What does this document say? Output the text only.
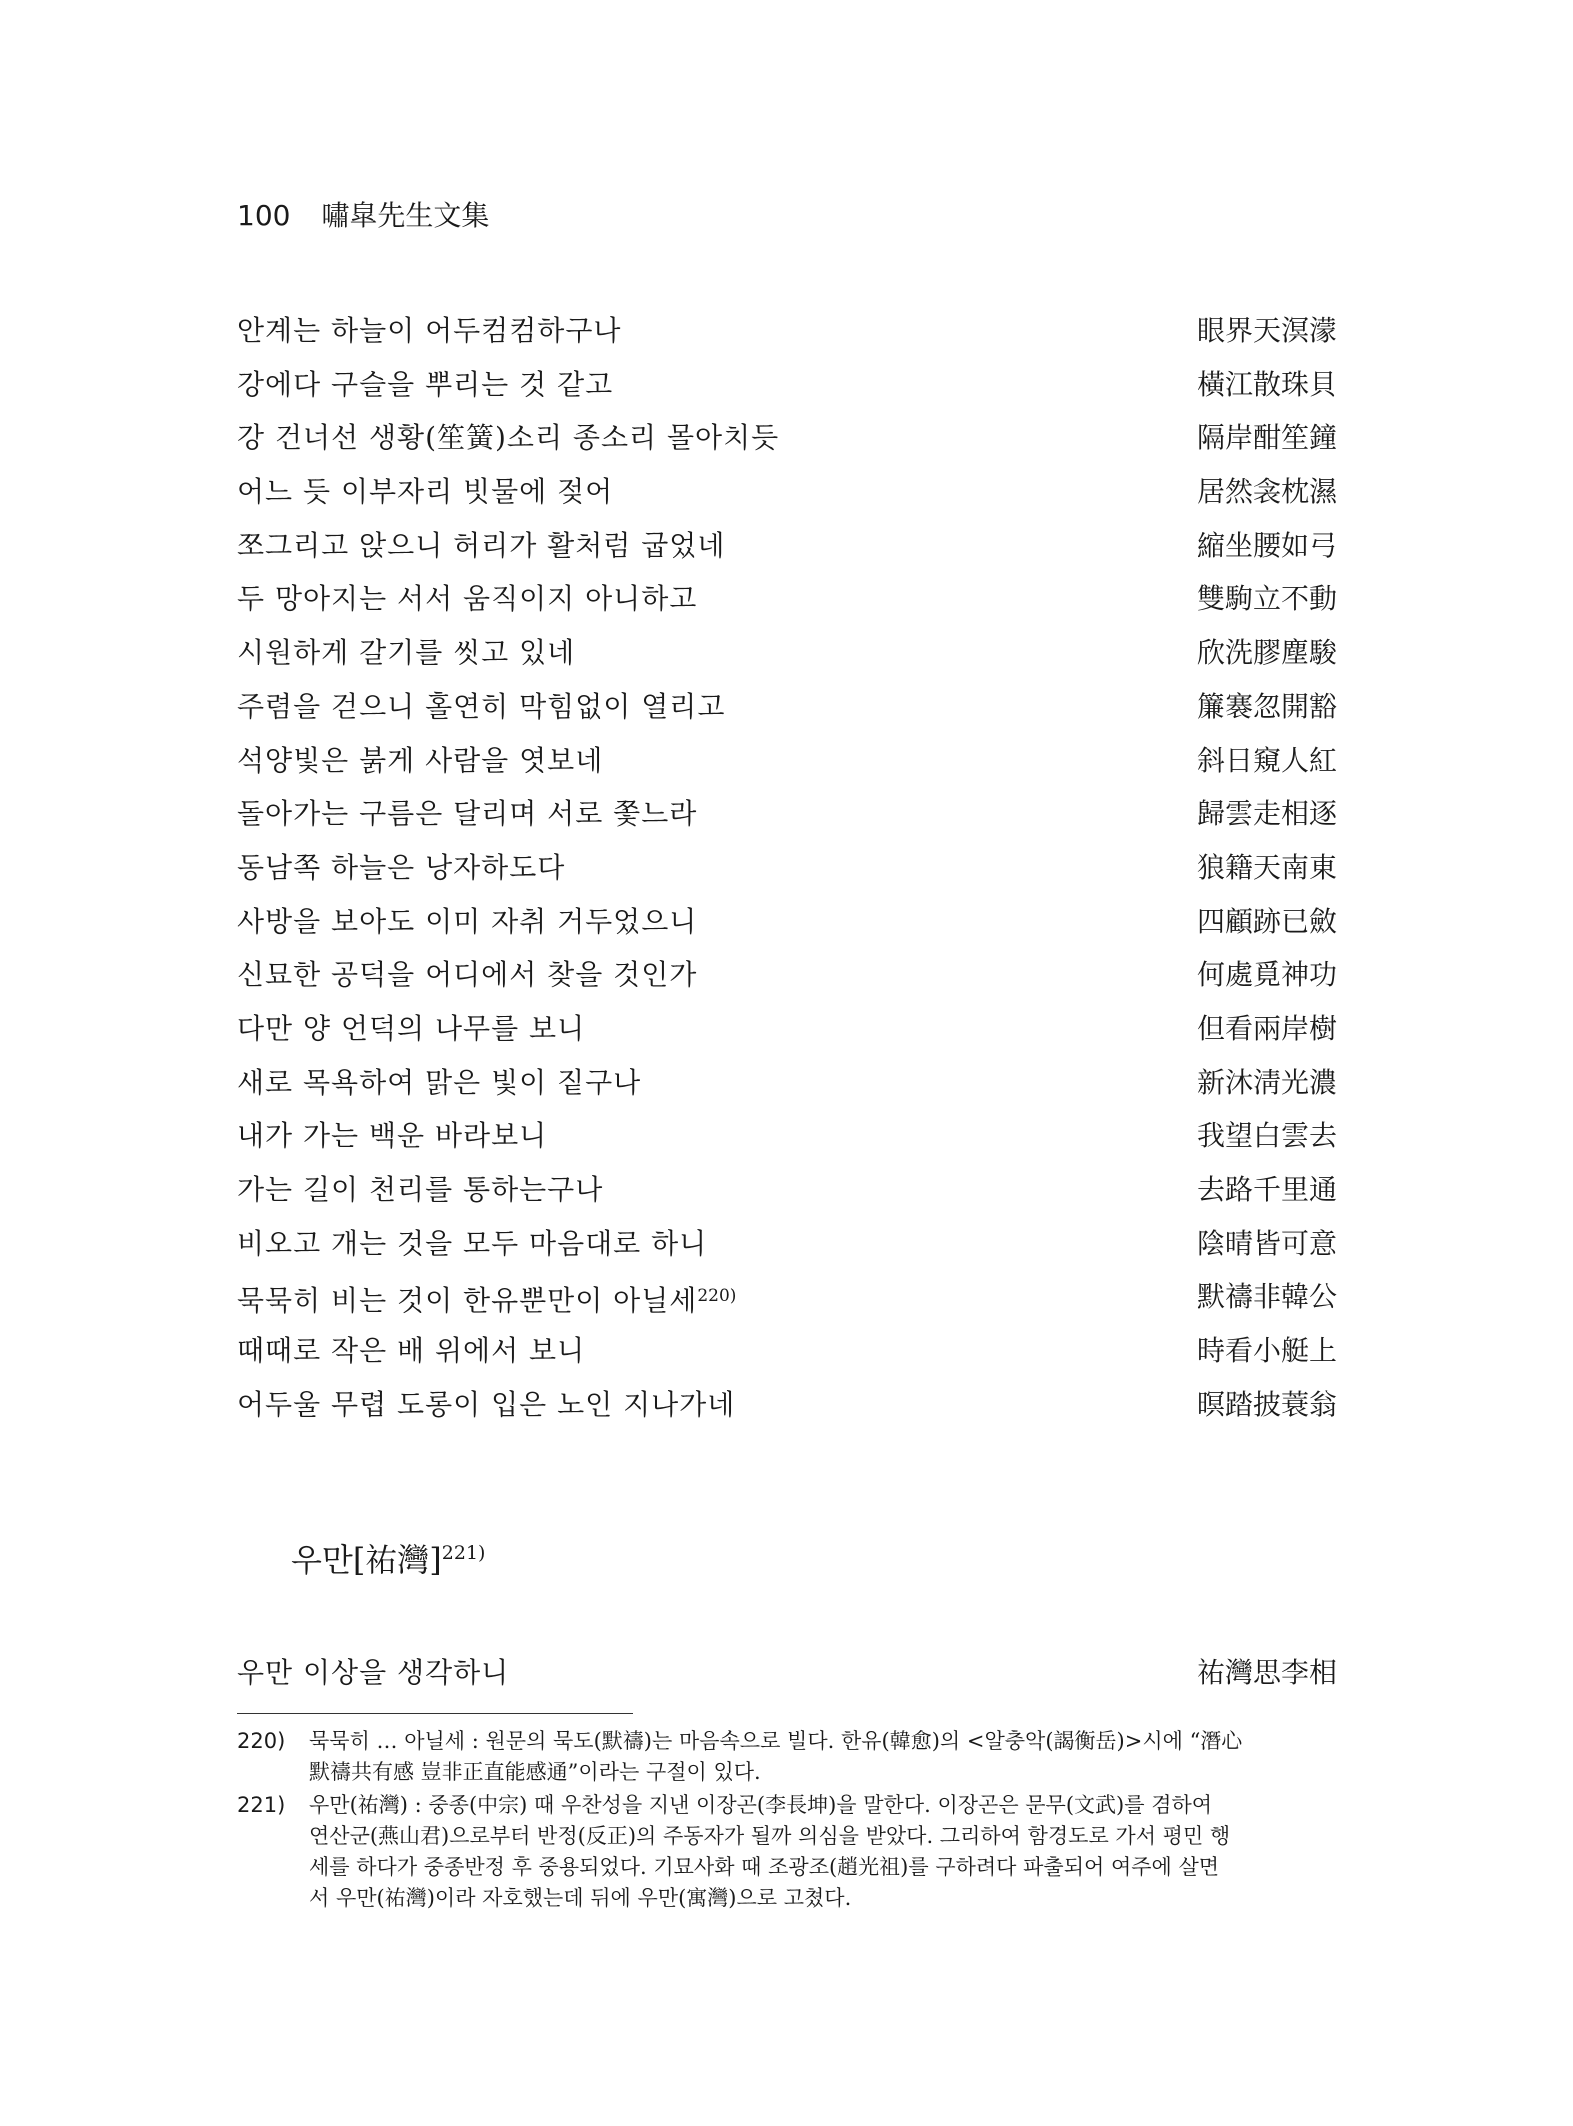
100 嘯皐先生文集
안계는 하늘이 어두컴컴하구나	眼界天溟濛
강에다 구슬을 뿌리는 것 같고	橫江散珠貝
강 건너선 생황(笙簧)소리 종소리 몰아치듯	隔岸酣笙鐘
어느 듯 이부자리 빗물에 젖어	居然衾枕濕
쪼그리고 앉으니 허리가 활처럼 굽었네	縮坐腰如弓
두 망아지는 서서 움직이지 아니하고	雙駒立不動
시원하게 갈기를 씻고 있네	欣洗膠塵駿
주렴을 걷으니 홀연히 막힘없이 열리고	簾褰忽開豁
석양빛은 붉게 사람을 엿보네	斜日窺人紅
돌아가는 구름은 달리며 서로 쫓느라	歸雲走相逐
동남쪽 하늘은 낭자하도다	狼籍天南東
사방을 보아도 이미 자취 거두었으니	四顧跡已斂
신묘한 공덕을 어디에서 찾을 것인가	何處覓神功
다만 양 언덕의 나무를 보니	但看兩岸樹
새로 목욕하여 맑은 빛이 짙구나	新沐淸光濃
내가 가는 백운 바라보니	我望白雲去
가는 길이 천리를 통하는구나	去路千里通
비오고 개는 것을 모두 마음대로 하니	陰晴皆可意
묵묵히 비는 것이 한유뿐만이 아닐세$^{220)}$	默禱非韓公
때때로 작은 배 위에서 보니	時看小艇上
어두울 무렵 도롱이 입은 노인 지나가네	暝踏披蓑翁
우만[祐灣]$^{221)}$
우만 이상을 생각하니	祐灣思李相
220) 묵묵히 … 아닐세 : 원문의 묵도(默禱)는 마음속으로 빌다. 한유(韓愈)의 <알충악(謁衡岳)>시에 “潛心
默禱共有感 豈非正直能感通”이라는 구절이 있다.
221) 우만(祐灣) : 중종(中宗) 때 우찬성을 지낸 이장곤(李長坤)을 말한다. 이장곤은 문무(文武)를 겸하여
연산군(燕山君)으로부터 반정(反正)의 주동자가 될까 의심을 받았다. 그리하여 함경도로 가서 평민 행
세를 하다가 중종반정 후 중용되었다. 기묘사화 때 조광조(趙光祖)를 구하려다 파출되어 여주에 살면
서 우만(祐灣)이라 자호했는데 뒤에 우만(寓灣)으로 고쳤다.
